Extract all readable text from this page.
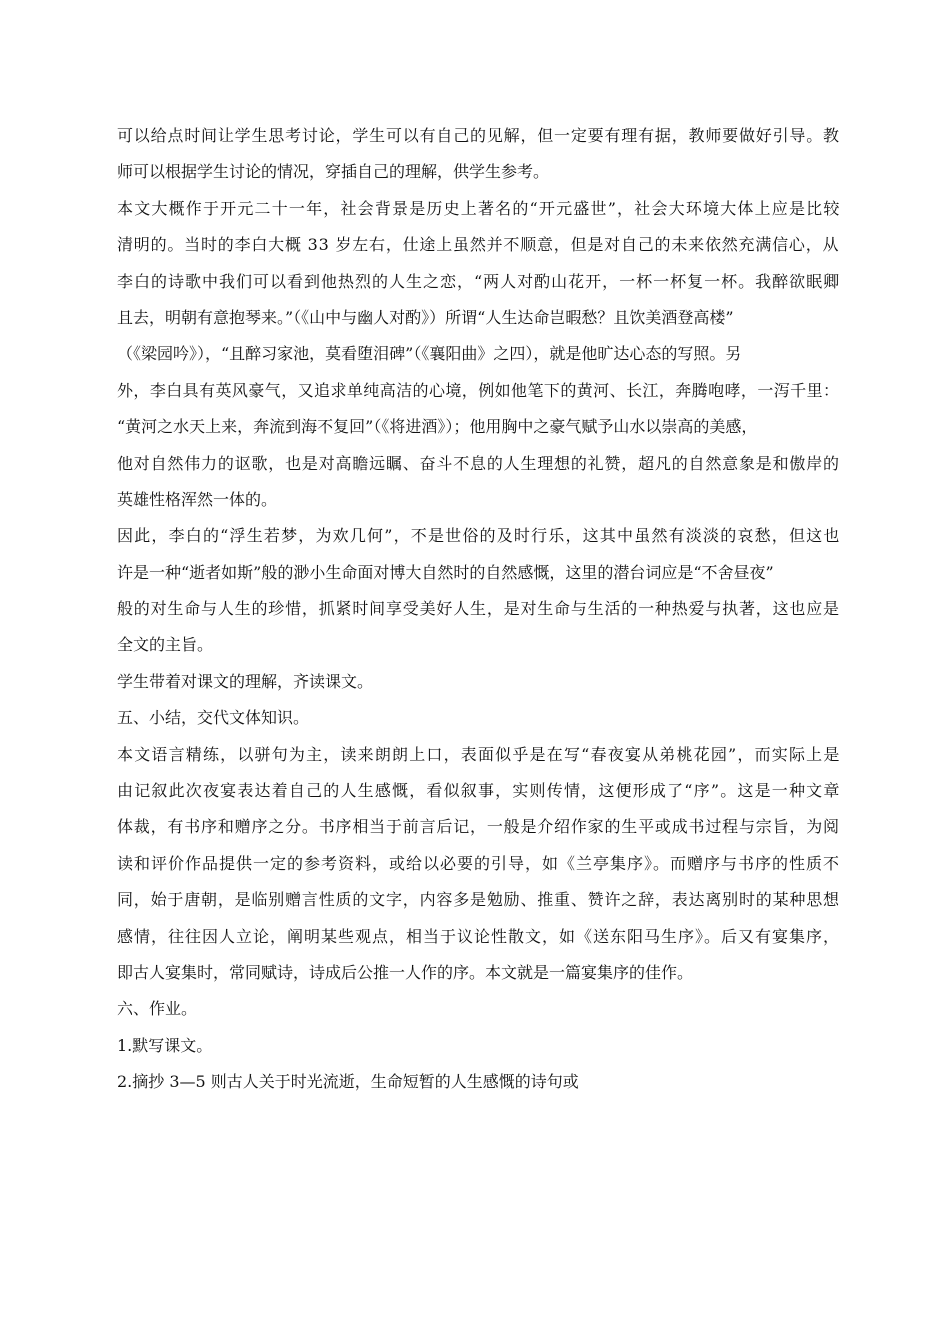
可以给点时间让学生思考讨论，学生可以有自己的见解，但一定要有理有据，教师要做好引导。教
师可以根据学生讨论的情况，穿插自己的理解，供学生参考。
本文大概作于开元二十一年，社会背景是历史上著名的“开元盛世”，社会大环境大体上应是比较
清明的。当时的李白大概 33 岁左右，仕途上虽然并不顺意，但是对自己的未来依然充满信心，从
李白的诗歌中我们可以看到他热烈的人生之恋，“两人对酌山花开，一杯一杯复一杯。我醉欲眠卿
且去，明朝有意抱琴来。”（《山中与幽人对酌》）所谓“人生达命岂暇愁？且饮美酒登高楼”
（《梁园吟》），“且醉习家池，莫看堕泪碑”（《襄阳曲》之四），就是他旷达心态的写照。另
外，李白具有英风豪气，又追求单纯高洁的心境，例如他笔下的黄河、长江，奔腾咆哮，一泻千里：
“黄河之水天上来，奔流到海不复回”（《将进酒》）；他用胸中之豪气赋予山水以崇高的美感，
他对自然伟力的讴歌，也是对高瞻远瞩、奋斗不息的人生理想的礼赞，超凡的自然意象是和傲岸的
英雄性格浑然一体的。
因此，李白的“浮生若梦，为欢几何”，不是世俗的及时行乐，这其中虽然有淡淡的哀愁，但这也
许是一种“逝者如斯”般的渺小生命面对博大自然时的自然感慨，这里的潜台词应是“不舍昼夜”
般的对生命与人生的珍惜，抓紧时间享受美好人生，是对生命与生活的一种热爱与执著，这也应是
全文的主旨。
学生带着对课文的理解，齐读课文。
五、小结，交代文体知识。
本文语言精练，以骈句为主，读来朗朗上口，表面似乎是在写“春夜宴从弟桃花园”，而实际上是
由记叙此次夜宴表达着自己的人生感慨，看似叙事，实则传情，这便形成了“序”。这是一种文章
体裁，有书序和赠序之分。书序相当于前言后记，一般是介绍作家的生平或成书过程与宗旨，为阅
读和评价作品提供一定的参考资料，或给以必要的引导，如《兰亭集序》。而赠序与书序的性质不
同，始于唐朝，是临别赠言性质的文字，内容多是勉励、推重、赞许之辞，表达离别时的某种思想
感情，往往因人立论，阐明某些观点，相当于议论性散文，如《送东阳马生序》。后又有宴集序，
即古人宴集时，常同赋诗，诗成后公推一人作的序。本文就是一篇宴集序的佳作。
六、作业。
1.默写课文。
2.摘抄 3—5 则古人关于时光流逝，生命短暂的人生感慨的诗句或
